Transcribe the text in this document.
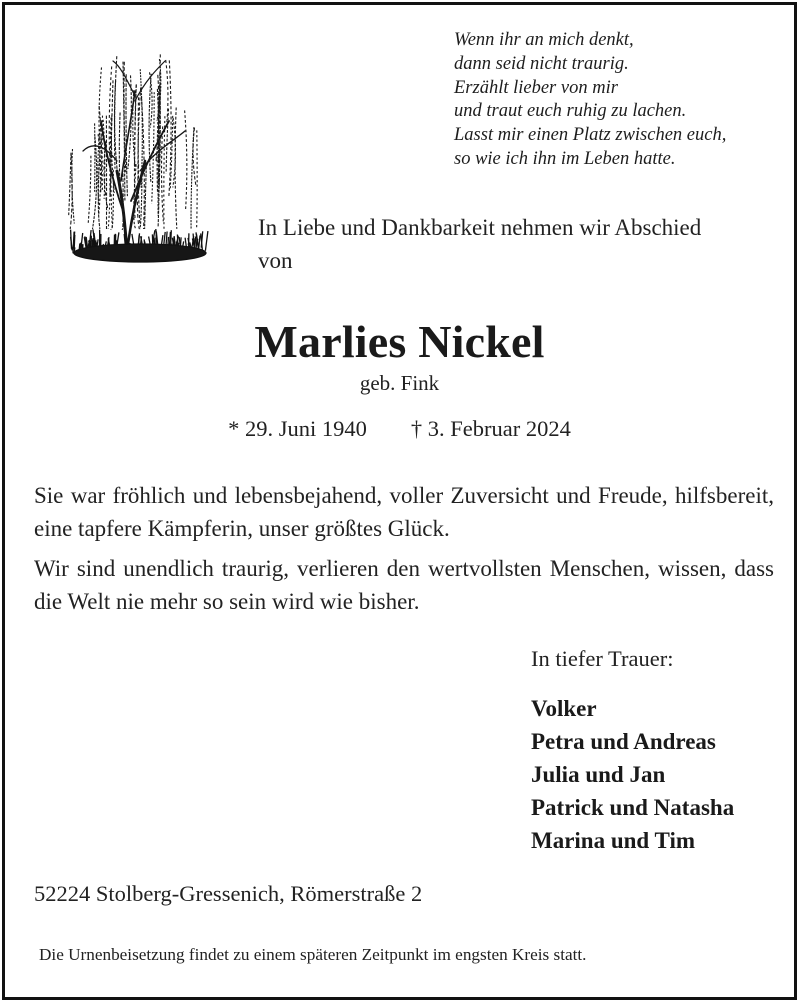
Wenn ihr an mich denkt,
dann seid nicht traurig.
Erzählt lieber von mir
und traut euch ruhig zu lachen.
Lasst mir einen Platz zwischen euch,
so wie ich ihn im Leben hatte.
In Liebe und Dankbarkeit nehmen wir Abschied
von
Marlies Nickel
geb. Fink
* 29. Juni 1940 † 3. Februar 2024
Sie war fröhlich und lebensbejahend, voller Zuversicht und Freude, hilfsbereit, eine tapfere Kämpferin, unser größtes Glück.
Wir sind unendlich traurig, verlieren den wertvollsten Menschen, wissen, dass die Welt nie mehr so sein wird wie bisher.
In tiefer Trauer:
Volker
Petra und Andreas
Julia und Jan
Patrick und Natasha
Marina und Tim
52224 Stolberg-Gressenich, Römerstraße 2
Die Urnenbeisetzung findet zu einem späteren Zeitpunkt im engsten Kreis statt.
